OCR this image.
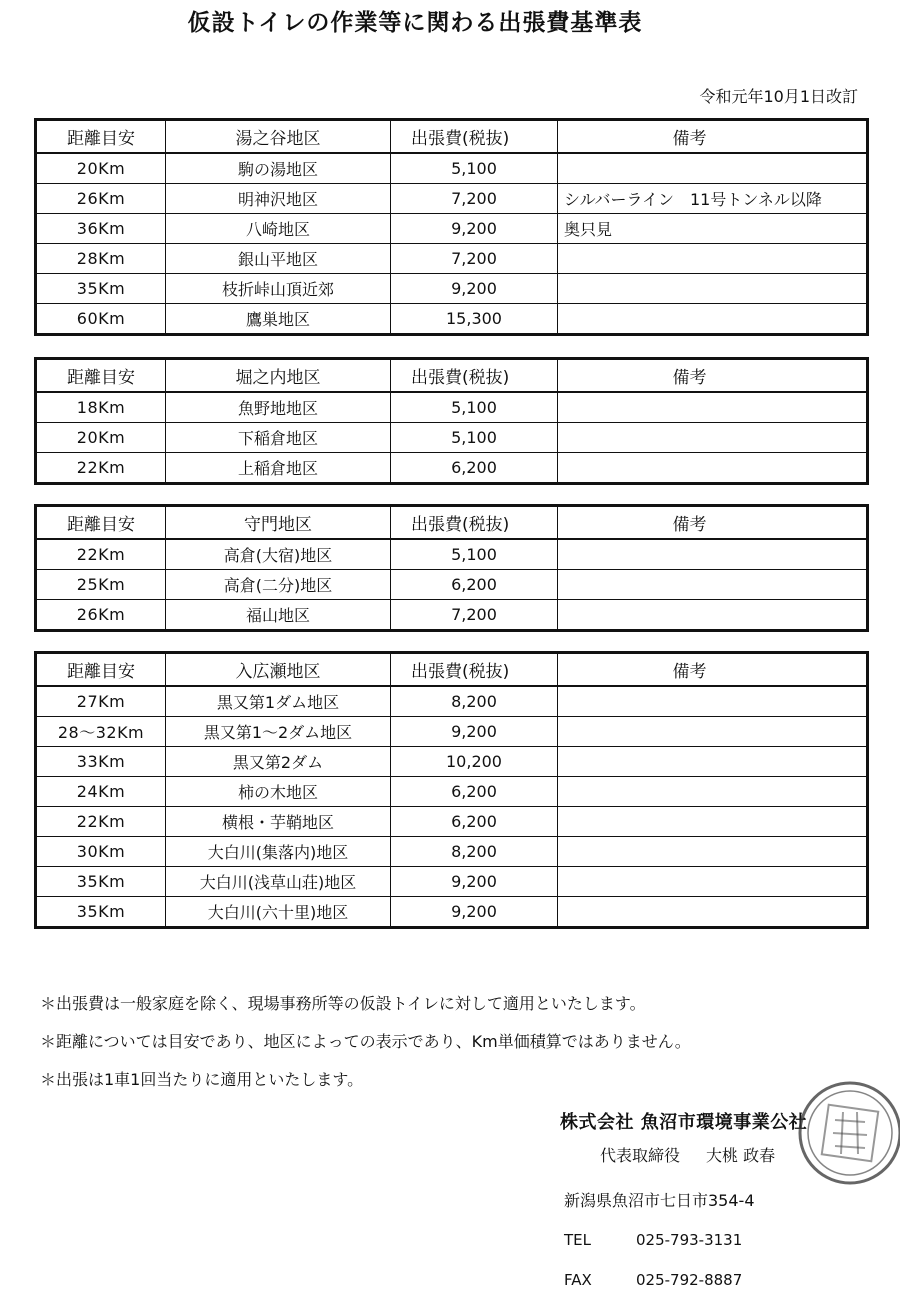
仮設トイレの作業等に関わる出張費基準表
令和元年10月1日改訂
距離目安	湯之谷地区	出張費(税抜)	備考
20Km	駒の湯地区	5,100	
26Km	明神沢地区	7,200	シルバーライン　11号トンネル以降
36Km	八崎地区	9,200	奥只見
28Km	銀山平地区	7,200	
35Km	枝折峠山頂近郊	9,200	
60Km	鷹巣地区	15,300	
距離目安	堀之内地区	出張費(税抜)	備考
18Km	魚野地地区	5,100	
20Km	下稲倉地区	5,100	
22Km	上稲倉地区	6,200	
距離目安	守門地区	出張費(税抜)	備考
22Km	高倉(大宿)地区	5,100	
25Km	高倉(二分)地区	6,200	
26Km	福山地区	7,200	
距離目安	入広瀬地区	出張費(税抜)	備考
27Km	黒又第1ダム地区	8,200	
28～32Km	黒又第1～2ダム地区	9,200	
33Km	黒又第2ダム	10,200	
24Km	柿の木地区	6,200	
22Km	横根・芋鞘地区	6,200	
30Km	大白川(集落内)地区	8,200	
35Km	大白川(浅草山荘)地区	9,200	
35Km	大白川(六十里)地区	9,200	
＊出張費は一般家庭を除く、現場事務所等の仮設トイレに対して適用といたします。
＊距離については目安であり、地区によっての表示であり、Km単価積算ではありません。
＊出張は1車1回当たりに適用といたします。
株式会社 魚沼市環境事業公社
代表取締役 大桃 政春
新潟県魚沼市七日市354-4
TEL	025-793-3131
FAX	025-792-8887
